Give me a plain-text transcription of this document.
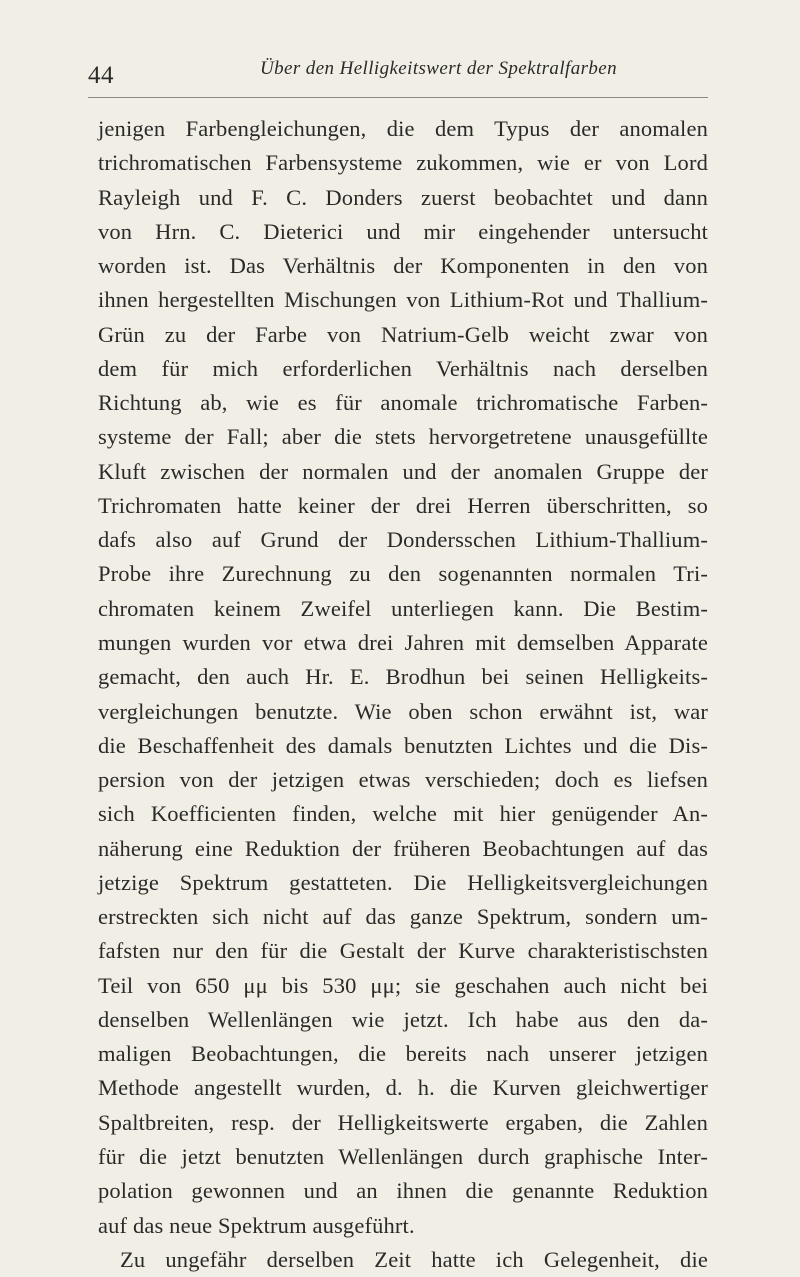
44	Über den Helligkeitswert der Spektralfarben
jenigen Farbengleichungen, die dem Typus der anomalen
trichromatischen Farbensysteme zukommen, wie er von Lord
Rayleigh und F. C. Donders zuerst beobachtet und dann
von Hrn. C. Dieterici und mir eingehender untersucht
worden ist. Das Verhältnis der Komponenten in den von
ihnen hergestellten Mischungen von Lithium-Rot und Thallium-
Grün zu der Farbe von Natrium-Gelb weicht zwar von
dem für mich erforderlichen Verhältnis nach derselben
Richtung ab, wie es für anomale trichromatische Farben-
systeme der Fall; aber die stets hervorgetretene unausgefüllte
Kluft zwischen der normalen und der anomalen Gruppe der
Trichromaten hatte keiner der drei Herren überschritten, so
dafs also auf Grund der Dondersschen Lithium-Thallium-
Probe ihre Zurechnung zu den sogenannten normalen Tri-
chromaten keinem Zweifel unterliegen kann. Die Bestim-
mungen wurden vor etwa drei Jahren mit demselben Apparate
gemacht, den auch Hr. E. Brodhun bei seinen Helligkeits-
vergleichungen benutzte. Wie oben schon erwähnt ist, war
die Beschaffenheit des damals benutzten Lichtes und die Dis-
persion von der jetzigen etwas verschieden; doch es liefsen
sich Koefficienten finden, welche mit hier genügender An-
näherung eine Reduktion der früheren Beobachtungen auf das
jetzige Spektrum gestatteten. Die Helligkeitsvergleichungen
erstreckten sich nicht auf das ganze Spektrum, sondern um-
fafsten nur den für die Gestalt der Kurve charakteristischsten
Teil von 650 μμ bis 530 μμ; sie geschahen auch nicht bei
denselben Wellenlängen wie jetzt. Ich habe aus den da-
maligen Beobachtungen, die bereits nach unserer jetzigen
Methode angestellt wurden, d. h. die Kurven gleichwertiger
Spaltbreiten, resp. der Helligkeitswerte ergaben, die Zahlen
für die jetzt benutzten Wellenlängen durch graphische Inter-
polation gewonnen und an ihnen die genannte Reduktion
auf das neue Spektrum ausgeführt.
Zu ungefähr derselben Zeit hatte ich Gelegenheit, die
